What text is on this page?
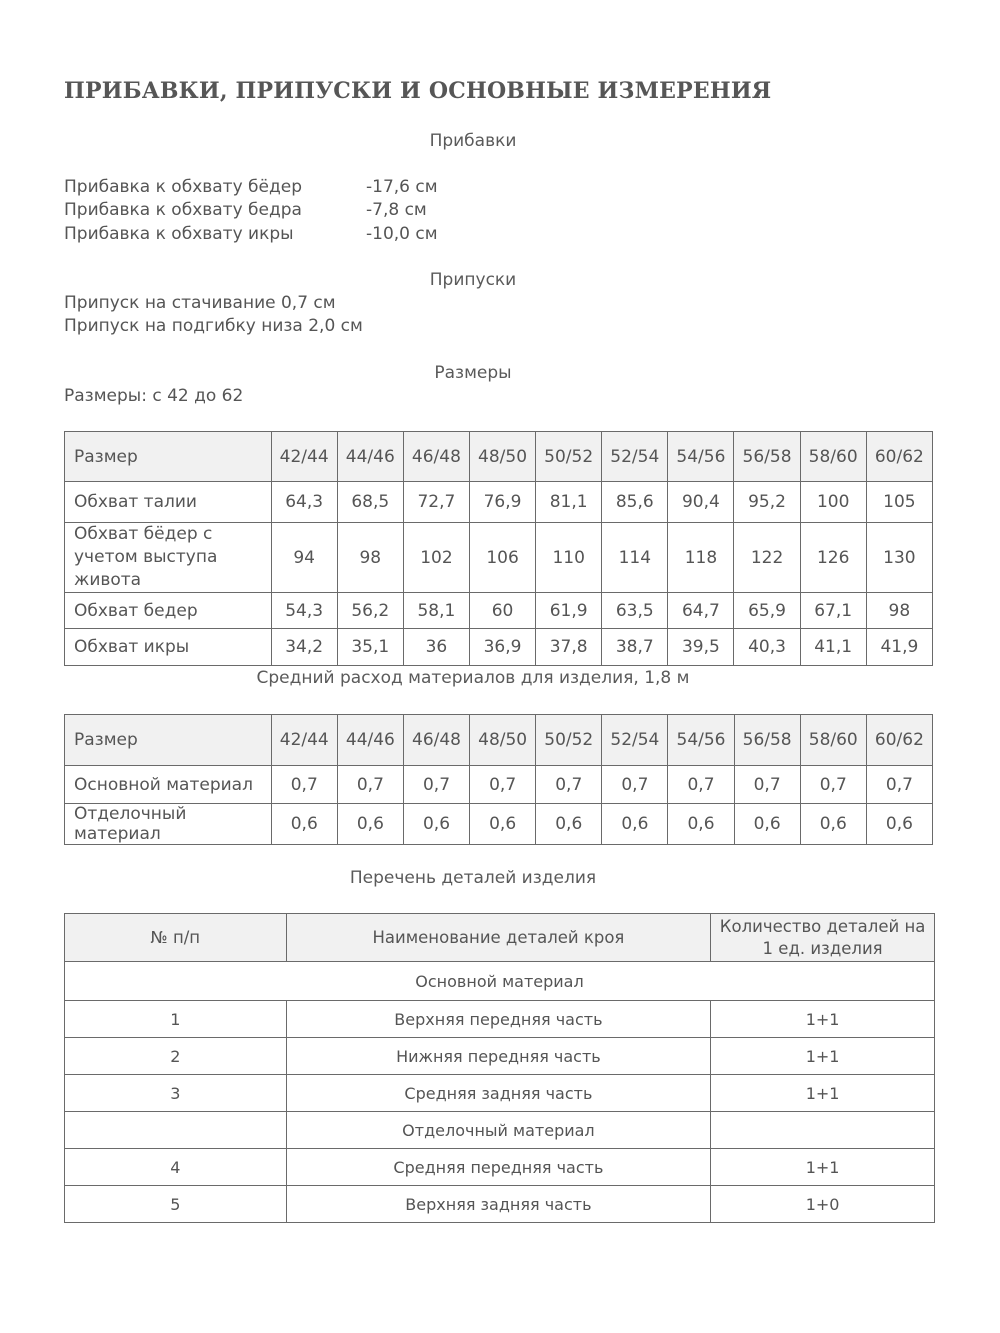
ПРИБАВКИ, ПРИПУСКИ И ОСНОВНЫЕ ИЗМЕРЕНИЯ
Прибавки
Прибавка к обхвату бёдер	-17,6 см
Прибавка к обхвату бедра	-7,8 см
Прибавка к обхвату икры	-10,0 см
Припуски
Припуск на стачивание 0,7 см
Припуск на подгибку низа 2,0 см
Размеры
Размеры: с 42 до 62
Размер	42/44	44/46	46/48	48/50	50/52	52/54	54/56	56/58	58/60	60/62
Обхват талии	64,3	68,5	72,7	76,9	81,1	85,6	90,4	95,2	100	105
Обхват бёдер с учетом выступа живота	94	98	102	106	110	114	118	122	126	130
Обхват бедер	54,3	56,2	58,1	60	61,9	63,5	64,7	65,9	67,1	98
Обхват икры	34,2	35,1	36	36,9	37,8	38,7	39,5	40,3	41,1	41,9
Средний расход материалов для изделия, 1,8 м
Размер	42/44	44/46	46/48	48/50	50/52	52/54	54/56	56/58	58/60	60/62
Основной материал	0,7	0,7	0,7	0,7	0,7	0,7	0,7	0,7	0,7	0,7
Отделочный материал	0,6	0,6	0,6	0,6	0,6	0,6	0,6	0,6	0,6	0,6
Перечень деталей изделия
№ п/п	Наименование деталей кроя	Количество деталей на 1 ед. изделия
Основной материал		
1	Верхняя передняя часть	1+1
2	Нижняя передняя часть	1+1
3	Средняя задняя часть	1+1
	Отделочный материал	
4	Средняя передняя часть	1+1
5	Верхняя задняя часть	1+0
